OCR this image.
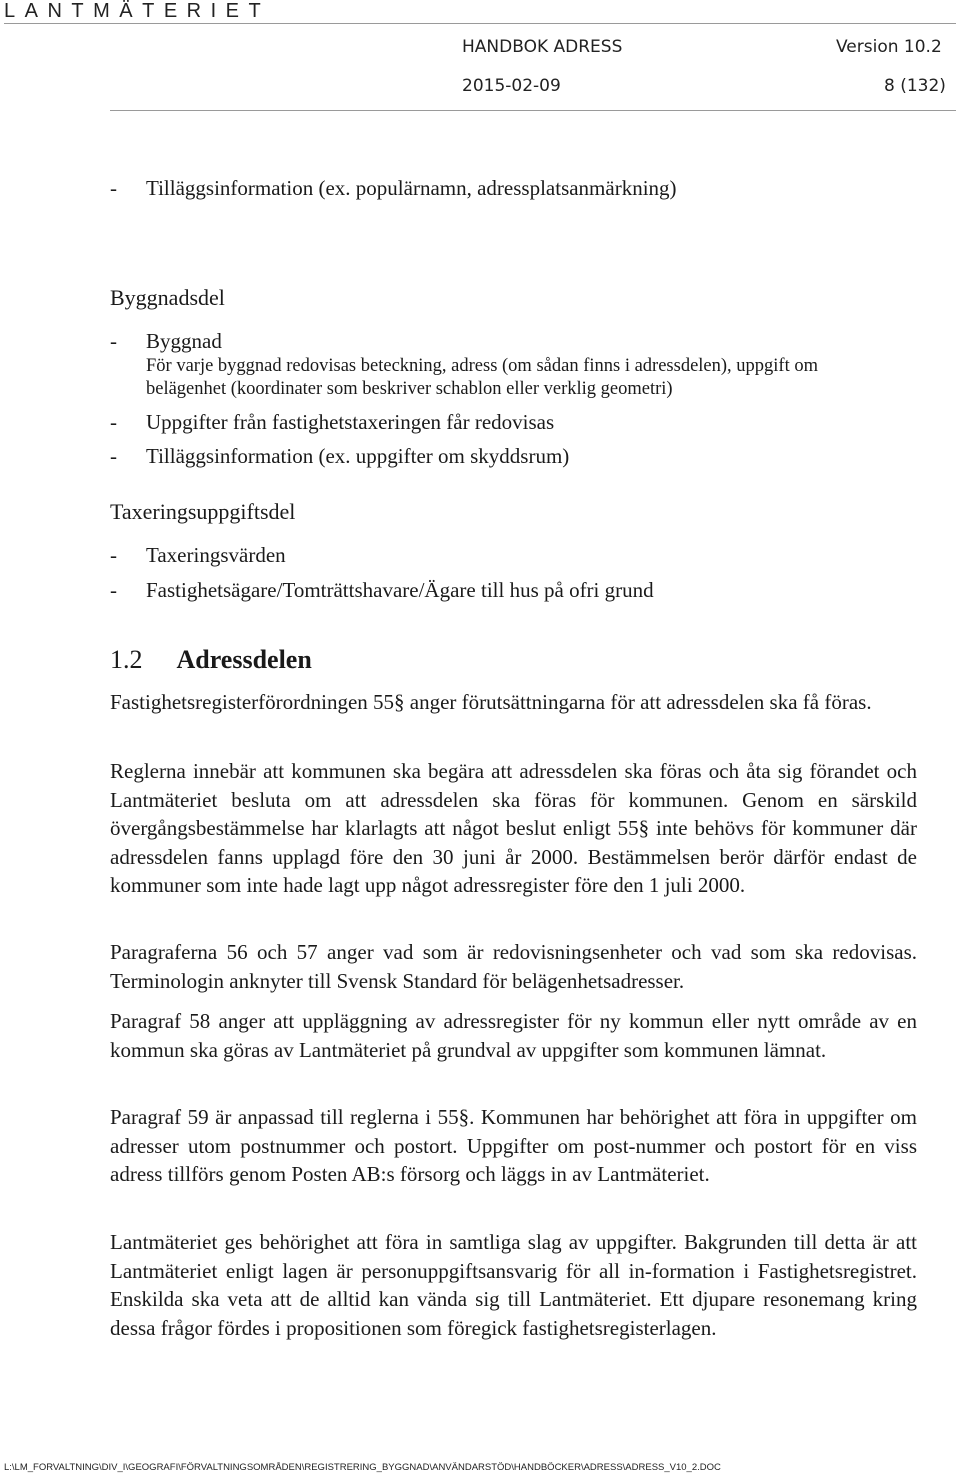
LANTMÄTERIET
HANDBOK ADRESS	Version 10.2
2015-02-09	8 (132)
- Tilläggsinformation (ex. populärnamn, adressplatsanmärkning)
Byggnadsdel
- Byggnad
För varje byggnad redovisas beteckning, adress (om sådan finns i adressdelen), uppgift om
belägenhet (koordinater som beskriver schablon eller verklig geometri)
- Uppgifter från fastighetstaxeringen får redovisas
- Tilläggsinformation (ex. uppgifter om skyddsrum)
Taxeringsuppgiftsdel
- Taxeringsvärden
- Fastighetsägare/Tomträttshavare/Ägare till hus på ofri grund
1.2 Adressdelen
Fastighetsregisterförordningen 55§ anger förutsättningarna för att adressdelen ska få föras.
Reglerna innebär att kommunen ska begära att adressdelen ska föras och åta sig förandet och Lantmäteriet besluta om att adressdelen ska föras för kommunen. Genom en särskild övergångsbestämmelse har klarlagts att något beslut enligt 55§ inte behövs för kommuner där adressdelen fanns upplagd före den 30 juni år 2000. Bestämmelsen berör därför endast de kommuner som inte hade lagt upp något adressregister före den 1 juli 2000.
Paragraferna 56 och 57 anger vad som är redovisningsenheter och vad som ska redovisas. Terminologin anknyter till Svensk Standard för belägenhetsadresser.
Paragraf 58 anger att uppläggning av adressregister för ny kommun eller nytt område av en kommun ska göras av Lantmäteriet på grundval av uppgifter som kommunen lämnat.
Paragraf 59 är anpassad till reglerna i 55§. Kommunen har behörighet att föra in uppgifter om adresser utom postnummer och postort. Uppgifter om post-nummer och postort för en viss adress tillförs genom Posten AB:s försorg och läggs in av Lantmäteriet.
Lantmäteriet ges behörighet att föra in samtliga slag av uppgifter. Bakgrunden till detta är att Lantmäteriet enligt lagen är personuppgiftsansvarig för all in-formation i Fastighetsregistret. Enskilda ska veta att de alltid kan vända sig till Lantmäteriet. Ett djupare resonemang kring dessa frågor fördes i propositionen som föregick fastighetsregisterlagen.
L:\LM_FORVALTNING\DIV_I\GEOGRAFI\FÖRVALTNINGSOMRÅDEN\REGISTRERING_BYGGNAD\ANVÄNDARSTÖD\HANDBÖCKER\ADRESS\ADRESS_V10_2.DOC
